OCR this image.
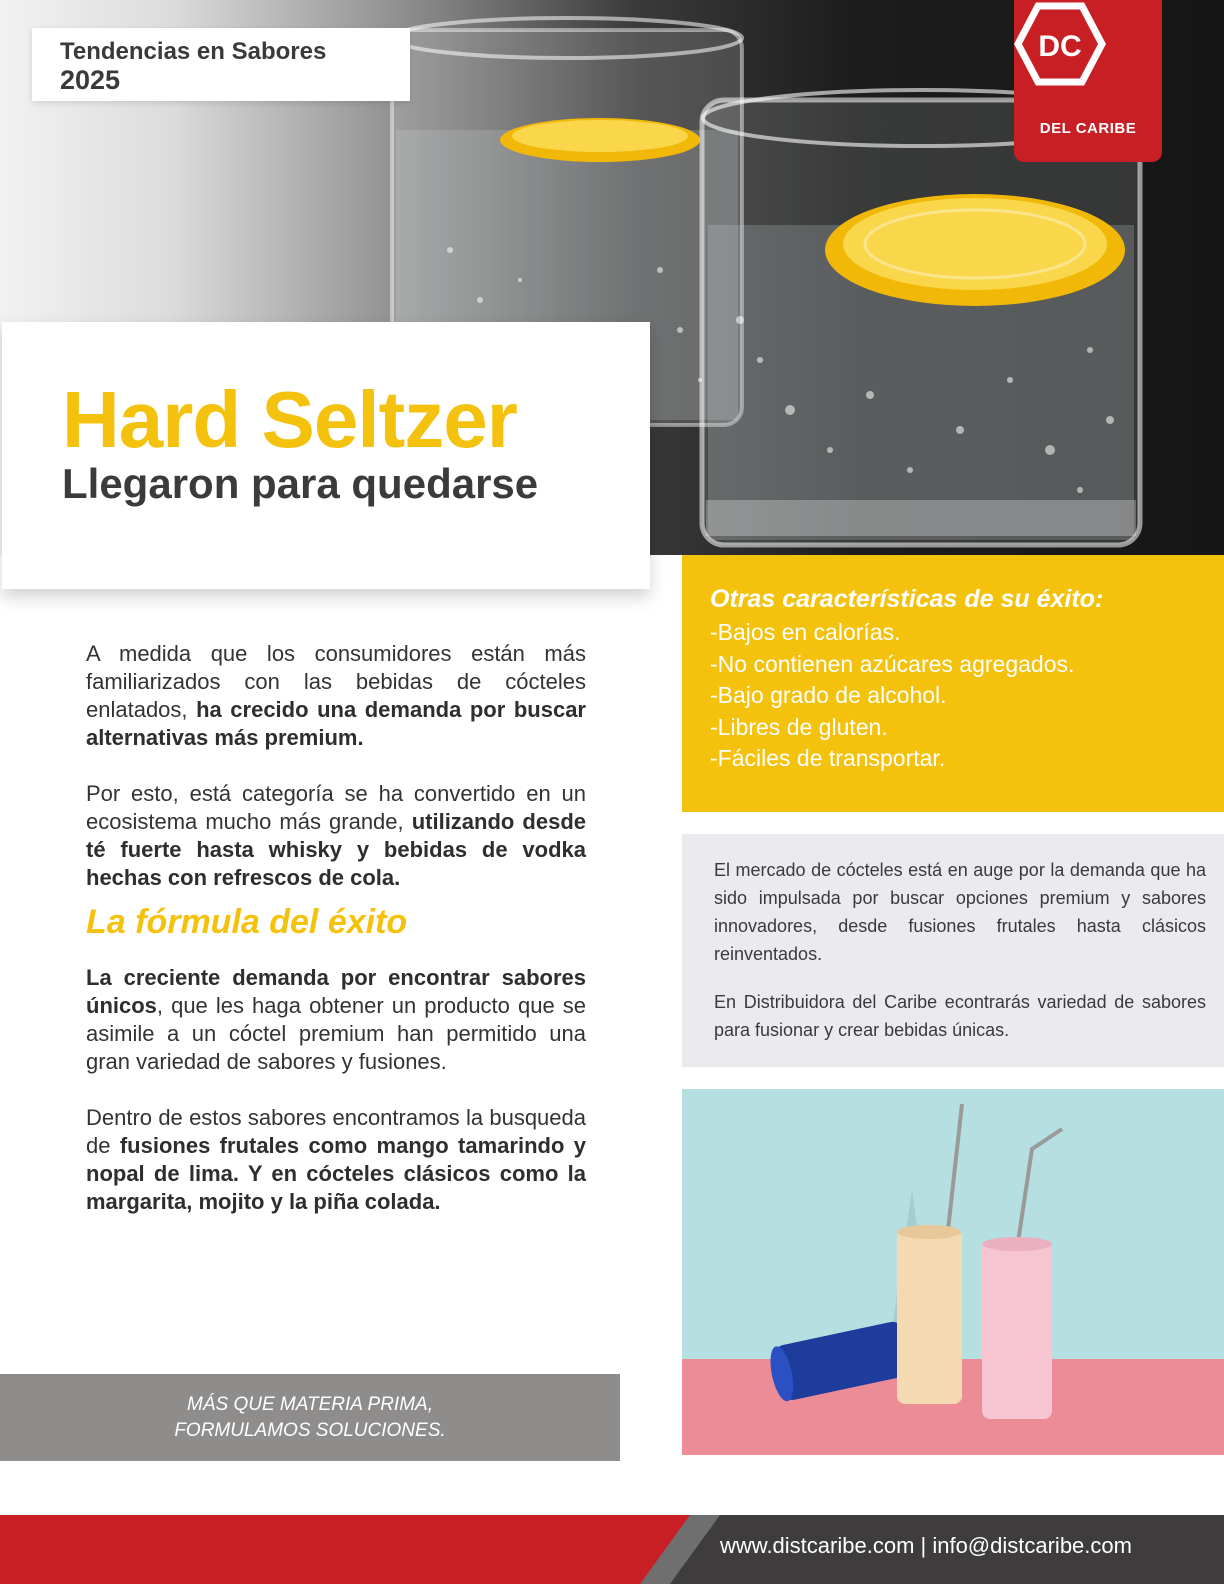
Tendencias en Sabores
2025
DC
DEL CARIBE
Hard Seltzer
Llegaron para quedarse

A medida que los consumidores están más familiarizados con las bebidas de cócteles enlatados, ha crecido una demanda por buscar alternativas más premium.

Por esto, está categoría se ha convertido en un ecosistema mucho más grande, utilizando desde té fuerte hasta whisky y bebidas de vodka hechas con refrescos de cola.

La fórmula del éxito

La creciente demanda por encontrar sabores únicos, que les haga obtener un producto que se asimile a un cóctel premium han permitido una gran variedad de sabores y fusiones.

Dentro de estos sabores encontramos la busqueda de fusiones frutales como mango tamarindo y nopal de lima. Y en cócteles clásicos como la margarita, mojito y la piña colada.

MÁS QUE MATERIA PRIMA,
FORMULAMOS SOLUCIONES.
Otras características de su éxito:
-Bajos en calorías.
-No contienen azúcares agregados.
-Bajo grado de alcohol.
-Libres de gluten.
-Fáciles de transportar.

El mercado de cócteles está en auge por la demanda que ha sido impulsada por buscar opciones premium y sabores innovadores, desde fusiones frutales hasta clásicos reinventados.

En Distribuidora del Caribe econtrarás variedad de sabores para fusionar y crear bebidas únicas.

www.distcaribe.com | info@distcaribe.com
